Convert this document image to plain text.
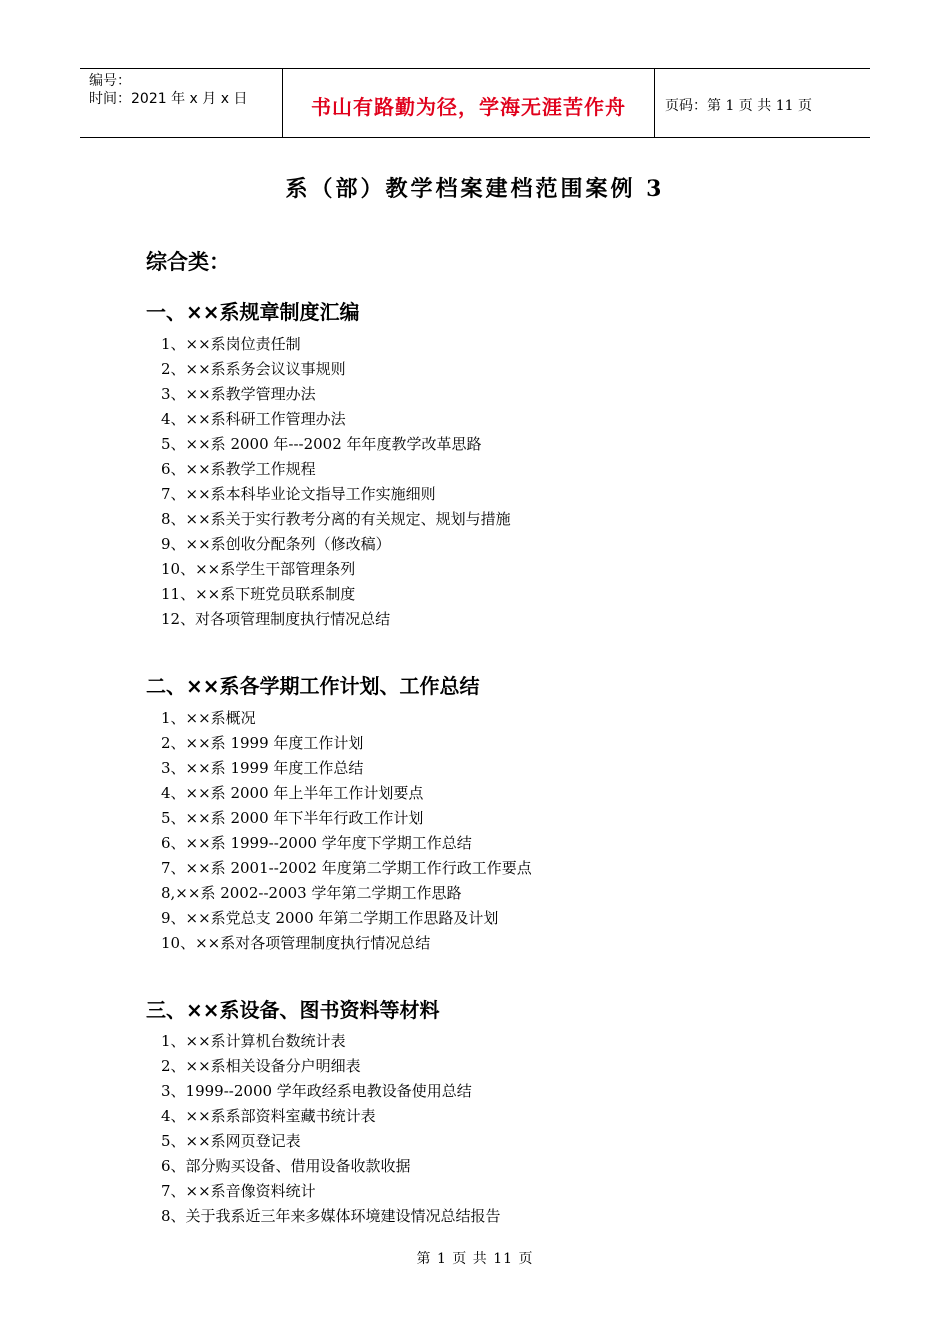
编号：
时间：2021 年 x 月 x 日	书山有路勤为径，学海无涯苦作舟	页码：第 1 页 共 11 页
系（部）教学档案建档范围案例 3
综合类：
一、××系规章制度汇编
1、××系岗位责任制
2、××系系务会议议事规则
3、××系教学管理办法
4、××系科研工作管理办法
5、××系 2000 年---2002 年年度教学改革思路
6、××系教学工作规程
7、××系本科毕业论文指导工作实施细则
8、××系关于实行教考分离的有关规定、规划与措施
9、××系创收分配条列（修改稿）
10、××系学生干部管理条列
11、××系下班党员联系制度
12、对各项管理制度执行情况总结
二、××系各学期工作计划、工作总结
1、××系概况
2、××系 1999 年度工作计划
3、××系 1999 年度工作总结
4、××系 2000 年上半年工作计划要点
5、××系 2000 年下半年行政工作计划
6、××系 1999--2000 学年度下学期工作总结
7、××系 2001--2002 年度第二学期工作行政工作要点
8,××系 2002--2003 学年第二学期工作思路
9、××系党总支 2000 年第二学期工作思路及计划
10、××系对各项管理制度执行情况总结
三、××系设备、图书资料等材料
1、××系计算机台数统计表
2、××系相关设备分户明细表
3、1999--2000 学年政经系电教设备使用总结
4、××系系部资料室藏书统计表
5、××系网页登记表
6、部分购买设备、借用设备收款收据
7、××系音像资料统计
8、关于我系近三年来多媒体环境建设情况总结报告
第 1 页 共 11 页
